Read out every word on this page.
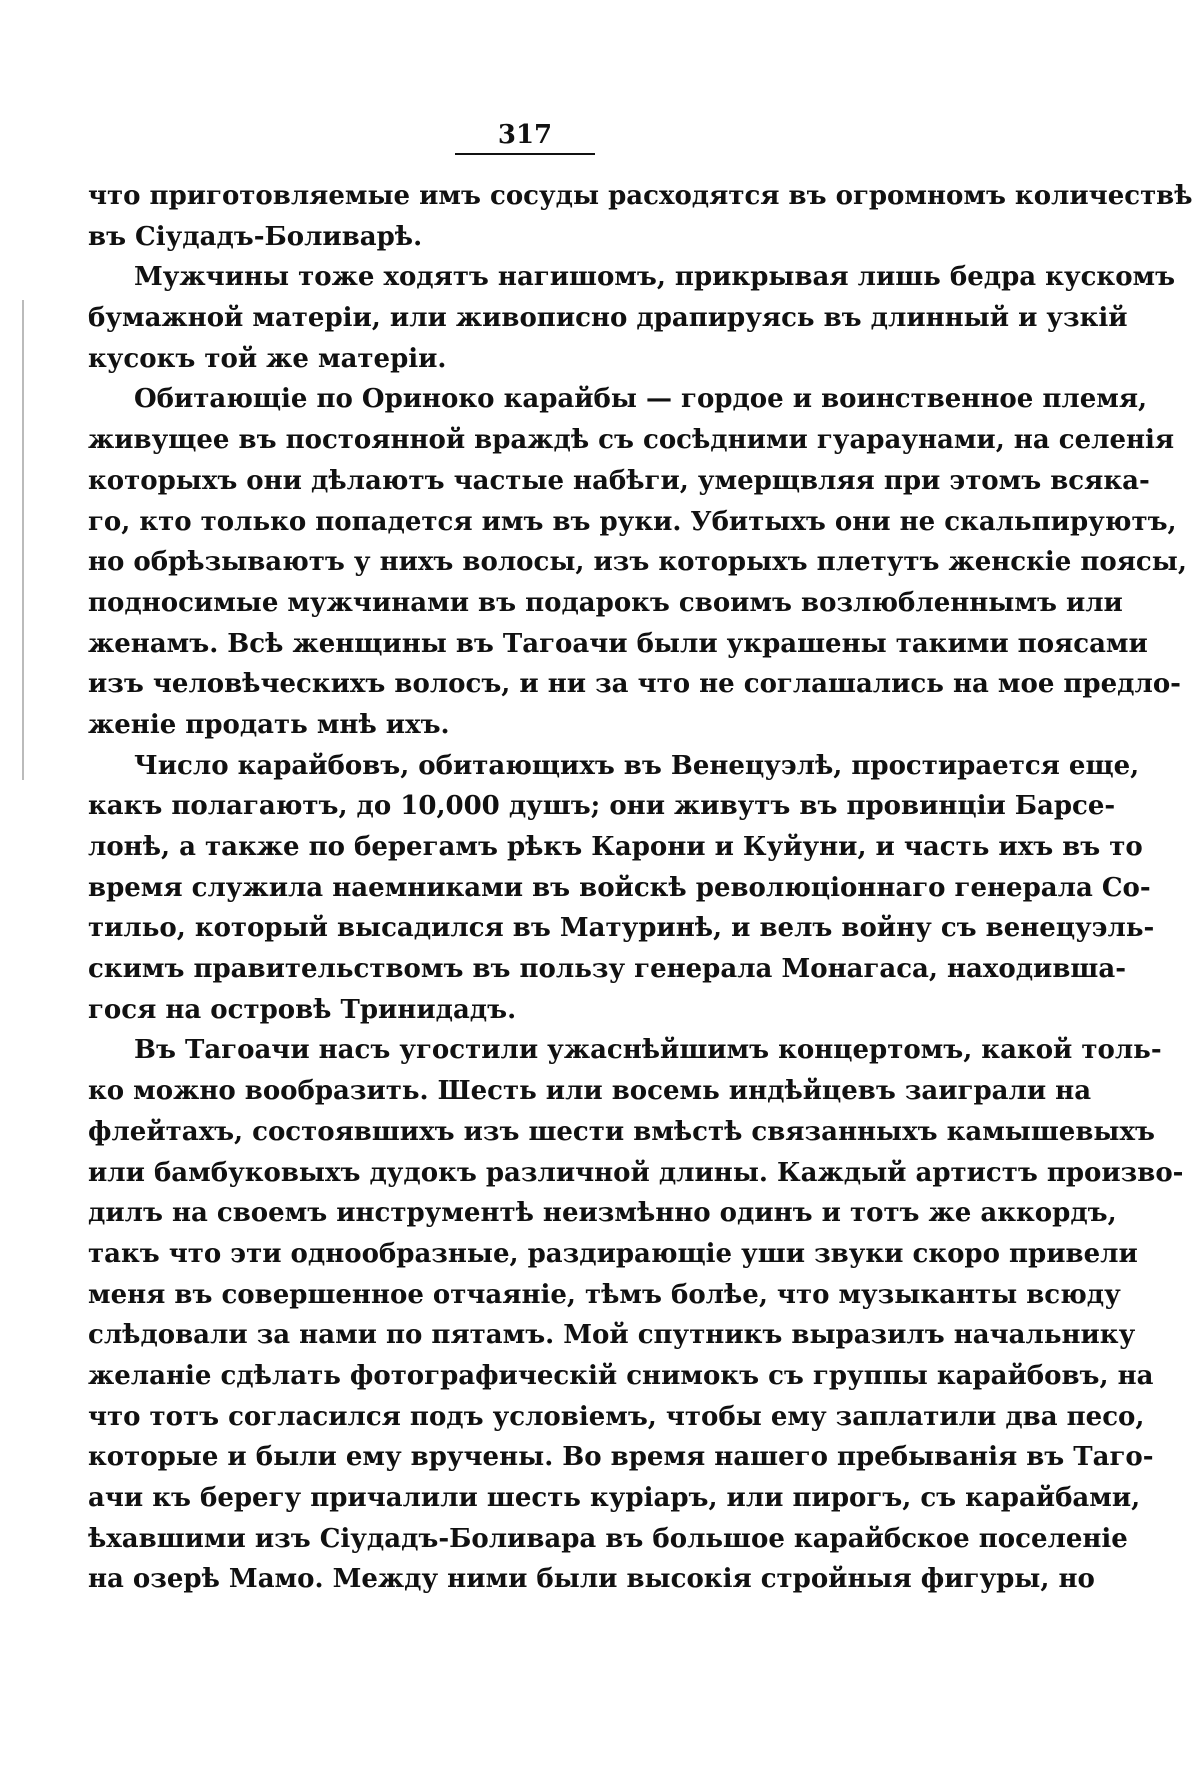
317
что приготовляемые имъ сосуды расходятся въ огромномъ количествѣ
въ Сіудадъ-Боливарѣ.
Мужчины тоже ходятъ нагишомъ, прикрывая лишь бедра кускомъ
бумажной матеріи, или живописно драпируясь въ длинный и узкій
кусокъ той же матеріи.
Обитающіе по Ориноко карайбы — гордое и воинственное племя,
живущее въ постоянной враждѣ съ сосѣдними гуараунами, на селенія
которыхъ они дѣлаютъ частые набѣги, умерщвляя при этомъ всяка-
го, кто только попадется имъ въ руки. Убитыхъ они не скальпируютъ,
но обрѣзываютъ у нихъ волосы, изъ которыхъ плетутъ женскіе поясы,
подносимые мужчинами въ подарокъ своимъ возлюбленнымъ или
женамъ. Всѣ женщины въ Тагоачи были украшены такими поясами
изъ человѣческихъ волосъ, и ни за что не соглашались на мое предло-
женіе продать мнѣ ихъ.
Число карайбовъ, обитающихъ въ Венецуэлѣ, простирается еще,
какъ полагаютъ, до 10,000 душъ; они живутъ въ провинціи Барсе-
лонѣ, а также по берегамъ рѣкъ Карони и Куйуни, и часть ихъ въ то
время служила наемниками въ войскѣ революціоннаго генерала Со-
тильо, который высадился въ Матуринѣ, и велъ войну съ венецуэль-
скимъ правительствомъ въ пользу генерала Монагаса, находивша-
гося на островѣ Тринидадъ.
Въ Тагоачи насъ угостили ужаснѣйшимъ концертомъ, какой толь-
ко можно вообразить. Шесть или восемь индѣйцевъ заиграли на
флейтахъ, состоявшихъ изъ шести вмѣстѣ связанныхъ камышевыхъ
или бамбуковыхъ дудокъ различной длины. Каждый артистъ произво-
дилъ на своемъ инструментѣ неизмѣнно одинъ и тотъ же аккордъ,
такъ что эти однообразные, раздирающіе уши звуки скоро привели
меня въ совершенное отчаяніе, тѣмъ болѣе, что музыканты всюду
слѣдовали за нами по пятамъ. Мой спутникъ выразилъ начальнику
желаніе сдѣлать фотографическій снимокъ съ группы карайбовъ, на
что тотъ согласился подъ условіемъ, чтобы ему заплатили два песо,
которые и были ему вручены. Во время нашего пребыванія въ Таго-
ачи къ берегу причалили шесть куріаръ, или пирогъ, съ карайбами,
ѣхавшими изъ Сіудадъ-Боливара въ большое карайбское поселеніе
на озерѣ Мамо. Между ними были высокія стройныя фигуры, но
